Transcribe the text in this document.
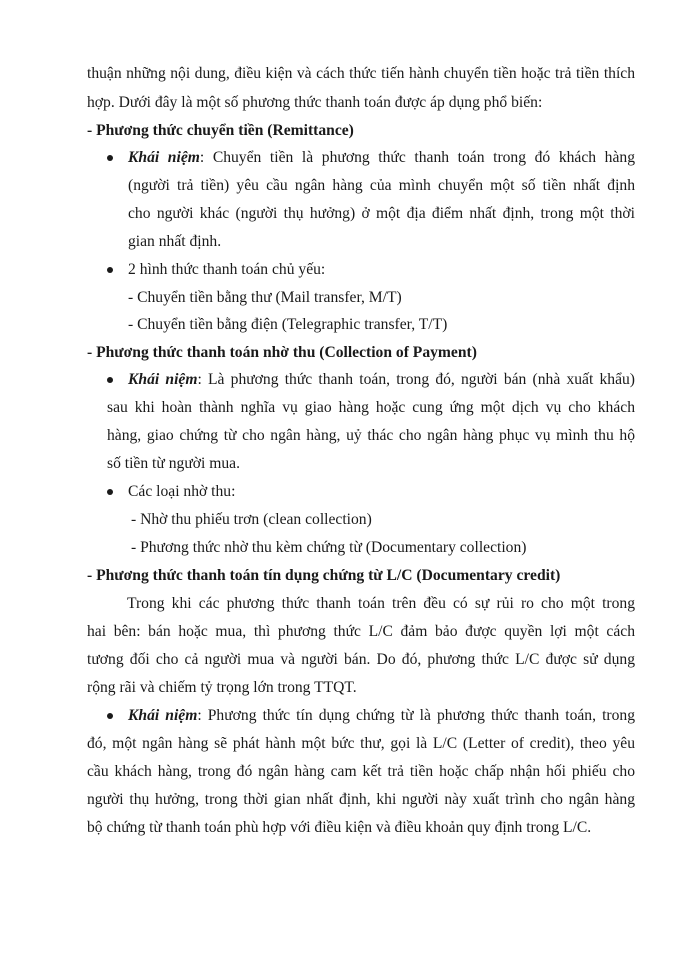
thuận những nội dung, điều kiện và cách thức tiến hành chuyển tiền hoặc trả tiền thích
hợp. Dưới đây là một số phương thức thanh toán được áp dụng phổ biến:
- Phương thức chuyển tiền (Remittance)
Khái niệm: Chuyển tiền là phương thức thanh toán trong đó khách hàng
(người trả tiền) yêu cầu ngân hàng của mình chuyển một số tiền nhất định
cho người khác (người thụ hưởng) ở một địa điểm nhất định, trong một thời
gian nhất định.
2 hình thức thanh toán chủ yếu:
- Chuyển tiền bằng thư (Mail transfer, M/T)
- Chuyển tiền bằng điện (Telegraphic transfer, T/T)
- Phương thức thanh toán nhờ thu (Collection of Payment)
Khái niệm: Là phương thức thanh toán, trong đó, người bán (nhà xuất khẩu)
sau khi hoàn thành nghĩa vụ giao hàng hoặc cung ứng một dịch vụ cho khách
hàng, giao chứng từ cho ngân hàng, uỷ thác cho ngân hàng phục vụ mình thu hộ
số tiền từ người mua.
Các loại nhờ thu:
- Nhờ thu phiếu trơn (clean collection)
- Phương thức nhờ thu kèm chứng từ (Documentary collection)
- Phương thức thanh toán tín dụng chứng từ L/C (Documentary credit)
Trong khi các phương thức thanh toán trên đều có sự rủi ro cho một trong
hai bên: bán hoặc mua, thì phương thức L/C đảm bảo được quyền lợi một cách
tương đối cho cả người mua và người bán. Do đó, phương thức L/C được sử dụng
rộng rãi và chiếm tỷ trọng lớn trong TTQT.
Khái niệm: Phương thức tín dụng chứng từ là phương thức thanh toán, trong
đó, một ngân hàng sẽ phát hành một bức thư, gọi là L/C (Letter of credit), theo yêu
cầu khách hàng, trong đó ngân hàng cam kết trả tiền hoặc chấp nhận hối phiếu cho
người thụ hưởng, trong thời gian nhất định, khi người này xuất trình cho ngân hàng
bộ chứng từ thanh toán phù hợp với điều kiện và điều khoản quy định trong L/C.
